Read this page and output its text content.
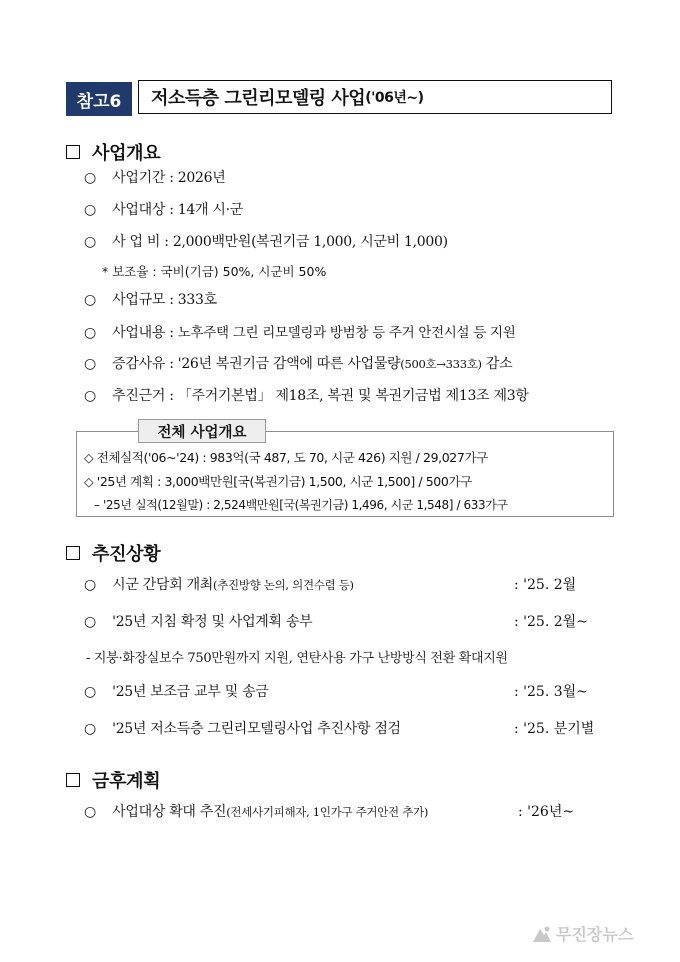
참고6	저소득층 그린리모델링 사업 ('06년~)
사업개요
○ 사업기간 : 2026년
○ 사업대상 : 14개 시·군
○ 사 업 비 : 2,000백만원(복권기금 1,000, 시군비 1,000)
* 보조율 : 국비(기금) 50%, 시군비 50%
○ 사업규모 : 333호
○ 사업내용 : 노후주택 그린 리모델링과 방범창 등 주거 안전시설 등 지원
○ 증감사유 : '26년 복권기금 감액에 따른 사업물량(500호→333호) 감소
○ 추진근거 : 「주거기본법」 제18조, 복권 및 복권기금법 제13조 제3항
전체 사업개요
◇ 전체실적('06~'24) : 983억(국 487, 도 70, 시군 426) 지원 / 29,027가구
◇ '25년 계획 : 3,000백만원[국(복권기금) 1,500, 시군 1,500] / 500가구
– '25년 실적(12월말) : 2,524백만원[국(복권기금) 1,496, 시군 1,548] / 633가구
추진상황
○ 시군 간담회 개최(추진방향 논의, 의견수렴 등)	: '25. 2월
○ '25년 지침 확정 및 사업계획 송부	: '25. 2월~
- 지붕·화장실보수 750만원까지 지원, 연탄사용 가구 난방방식 전환 확대지원
○ '25년 보조금 교부 및 송금	: '25. 3월~
○ '25년 저소득층 그린리모델링사업 추진사항 점검	: '25. 분기별
금후계획
○ 사업대상 확대 추진(전세사기피해자, 1인가구 주거안전 추가)	: '26년~
무진장뉴스
